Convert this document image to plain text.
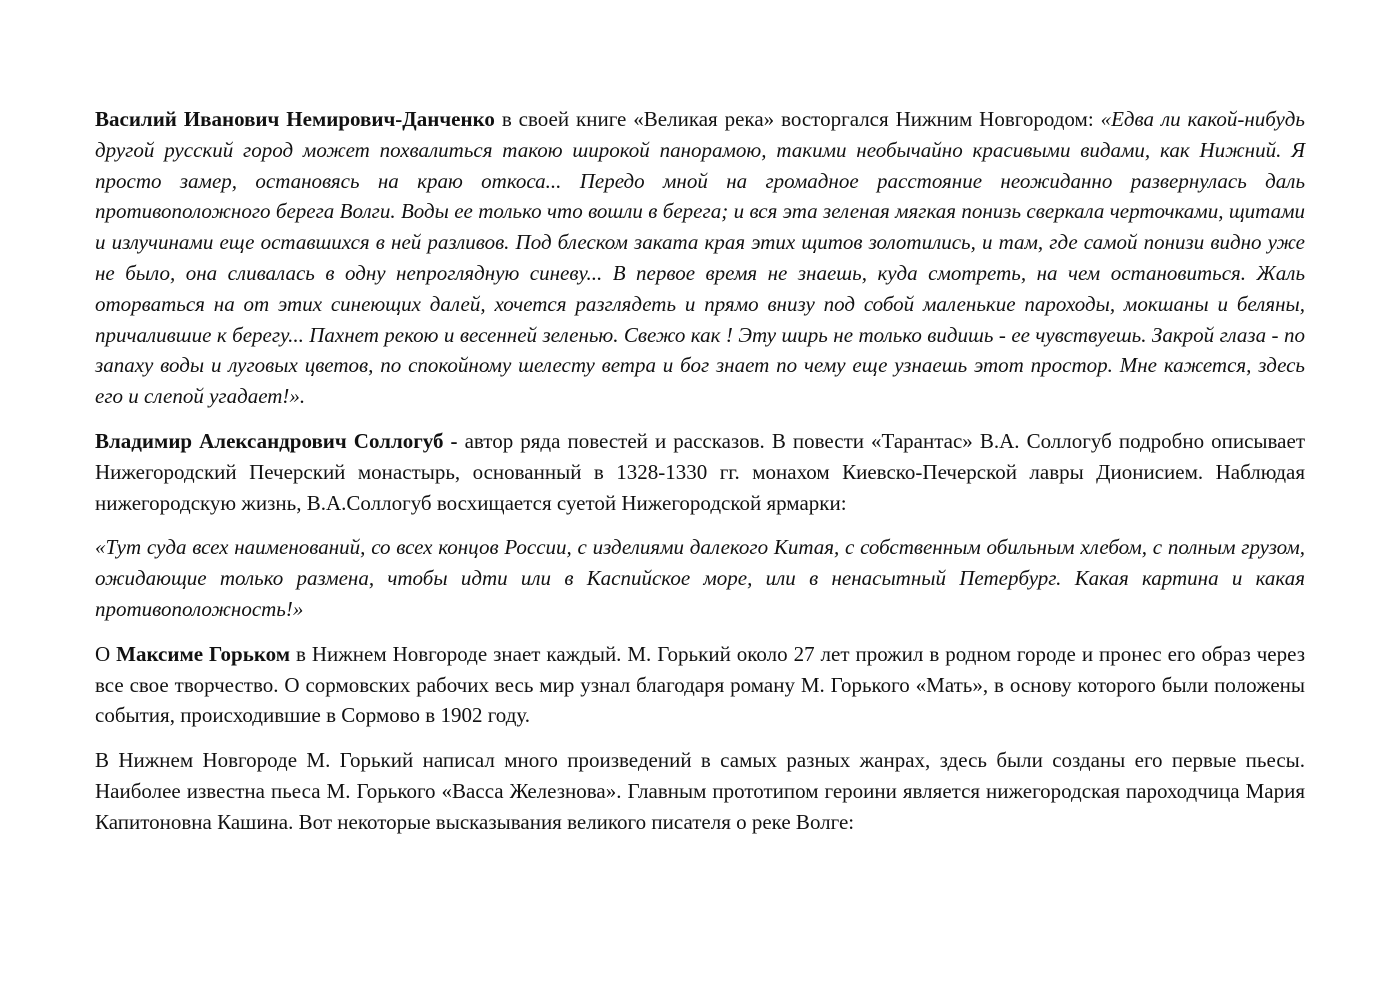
Василий Иванович Немирович-Данченко в своей книге «Великая река» восторгался Нижним Новгородом: «Едва ли какой-нибудь другой русский город может похвалиться такою широкой панорамою, такими необычайно красивыми видами, как Нижний. Я просто замер, остановясь на краю откоса... Передо мной на громадное расстояние неожиданно развернулась даль противоположного берега Волги. Воды ее только что вошли в берега; и вся эта зеленая мягкая понизь сверкала черточками, щитами и излучинами еще оставшихся в ней разливов. Под блеском заката края этих щитов золотились, и там, где самой понизи видно уже не было, она сливалась в одну непроглядную синеву... В первое время не знаешь, куда смотреть, на чем остановиться. Жаль оторваться на от этих синеющих далей, хочется разглядеть и прямо внизу под собой маленькие пароходы, мокшаны и беляны, причалившие к берегу... Пахнет рекою и весенней зеленью. Свежо как ! Эту ширь не только видишь - ее чувствуешь. Закрой глаза - по запаху воды и луговых цветов, по спокойному шелесту ветра и бог знает по чему еще узнаешь этот простор. Мне кажется, здесь его и слепой угадает!».

Владимир Александрович Соллогуб - автор ряда повестей и рассказов. В повести «Тарантас» В.А. Соллогуб подробно описывает Нижегородский Печерский монастырь, основанный в 1328-1330 гг. монахом Киевско-Печерской лавры Дионисием. Наблюдая нижегородскую жизнь, В.А.Соллогуб восхищается суетой Нижегородской ярмарки:

«Тут суда всех наименований, со всех концов России, с изделиями далекого Китая, с собственным обильным хлебом, с полным грузом, ожидающие только размена, чтобы идти или в Каспийское море, или в ненасытный Петербург. Какая картина и какая противоположность!»

О Максиме Горьком в Нижнем Новгороде знает каждый. М. Горький около 27 лет прожил в родном городе и пронес его образ через все свое творчество. О сормовских рабочих весь мир узнал благодаря роману М. Горького «Мать», в основу которого были положены события, происходившие в Сормово в 1902 году.

В Нижнем Новгороде М. Горький написал много произведений в самых разных жанрах, здесь были созданы его первые пьесы. Наиболее известна пьеса М. Горького «Васса Железнова». Главным прототипом героини является нижегородская пароходчица Мария Капитоновна Кашина. Вот некоторые высказывания великого писателя о реке Волге:
